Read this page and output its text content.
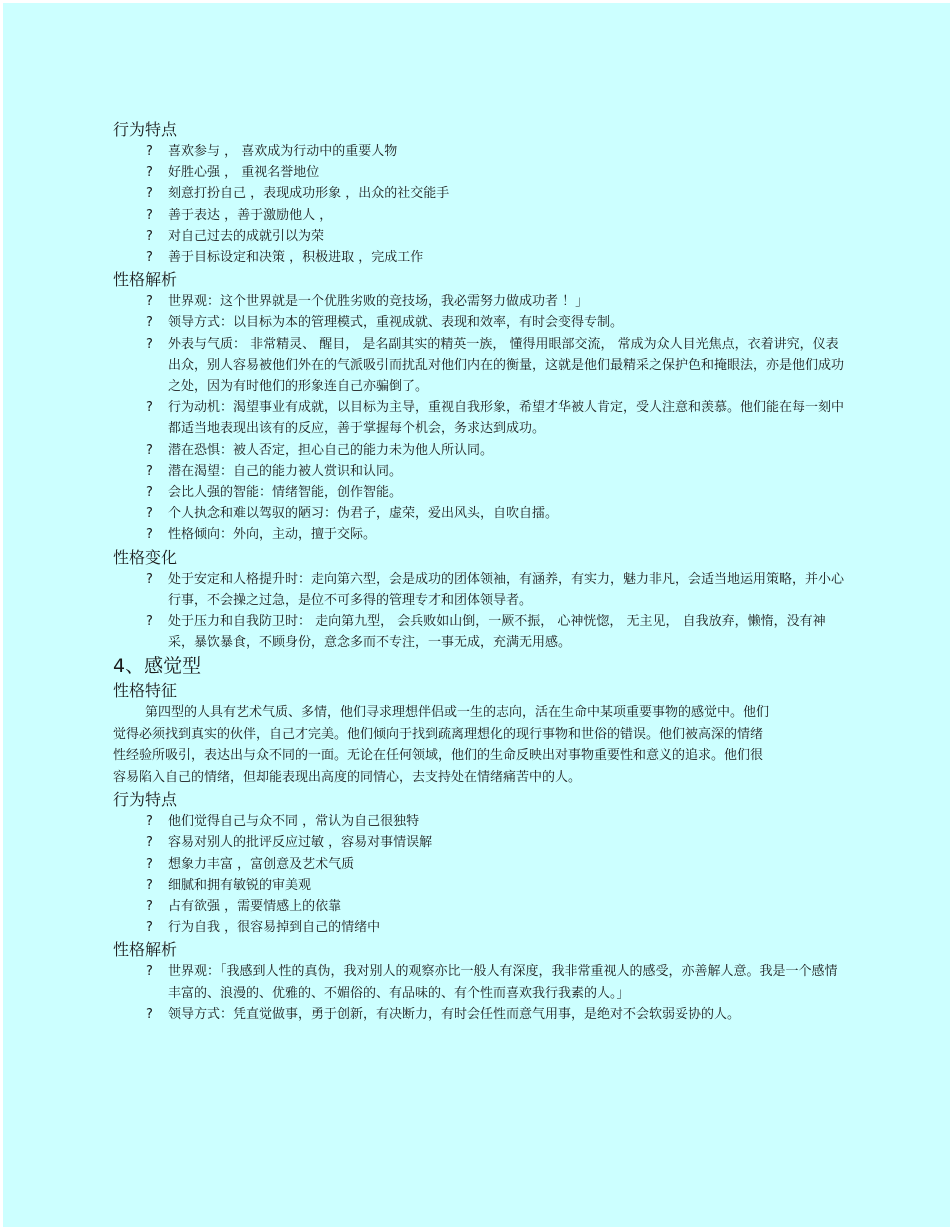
行为特点
?	喜欢参与 ， 喜欢成为行动中的重要人物
?	好胜心强 ， 重视名誉地位
?	刻意打扮自己 ，表现成功形象 ，出众的社交能手
?	善于表达 ，善于激励他人 ，
?	对自己过去的成就引以为荣
?	善于目标设定和决策 ，积极进取 ，完成工作
性格解析
?	世界观：这个世界就是一个优胜劣败的竞技场，我必需努力做成功者 ！」
?	领导方式：以目标为本的管理模式，重视成就、表现和效率，有时会变得专制。
?	外表与气质： 非常精灵、 醒目， 是名副其实的精英一族， 懂得用眼部交流， 常成为众人目光焦点，衣着讲究，仪表出众，别人容易被他们外在的气派吸引而扰乱对他们内在的衡量，这就是他们最精采之保护色和掩眼法，亦是他们成功之处，因为有时他们的形象连自己亦骗倒了。
?	行为动机：渴望事业有成就，以目标为主导，重视自我形象，希望才华被人肯定，受人注意和羡慕。他们能在每一刻中都适当地表现出该有的反应，善于掌握每个机会，务求达到成功。
?	潜在恐惧：被人否定，担心自己的能力未为他人所认同。
?	潜在渴望：自己的能力被人赏识和认同。
?	会比人强的智能：情绪智能，创作智能。
?	个人执念和难以驾驭的陋习：伪君子，虚荣，爱出风头，自吹自擂。
?	性格倾向：外向，主动，擅于交际。
性格变化
?	处于安定和人格提升时：走向第六型，会是成功的团体领袖，有涵养，有实力，魅力非凡，会适当地运用策略，并小心行事，不会操之过急，是位不可多得的管理专才和团体领导者。
?	处于压力和自我防卫时： 走向第九型， 会兵败如山倒，一厥不振， 心神恍惚， 无主见， 自我放弃，懒惰，没有神采，暴饮暴食，不顾身份，意念多而不专注，一事无成，充满无用感。
4、感觉型
性格特征
第四型的人具有艺术气质、多情，他们寻求理想伴侣或一生的志向，活在生命中某项重要事物的感觉中。他们觉得必须找到真实的伙伴，自己才完美。他们倾向于找到疏离理想化的现行事物和世俗的错误。他们被高深的情绪性经验所吸引，表达出与众不同的一面。无论在任何领域，他们的生命反映出对事物重要性和意义的追求。他们很容易陷入自己的情绪，但却能表现出高度的同情心，去支持处在情绪痛苦中的人。
行为特点
?	他们觉得自己与众不同 ，常认为自己很独特
?	容易对别人的批评反应过敏 ，容易对事情误解
?	想象力丰富 ，富创意及艺术气质
?	细腻和拥有敏锐的审美观
?	占有欲强 ，需要情感上的依靠
?	行为自我 ，很容易掉到自己的情绪中
性格解析
?	世界观：「我感到人性的真伪，我对别人的观察亦比一般人有深度，我非常重视人的感受，亦善解人意。我是一个感情丰富的、浪漫的、优雅的、不媚俗的、有品味的、有个性而喜欢我行我素的人。」
?	领导方式：凭直觉做事，勇于创新，有决断力，有时会任性而意气用事，是绝对不会软弱妥协的人。
